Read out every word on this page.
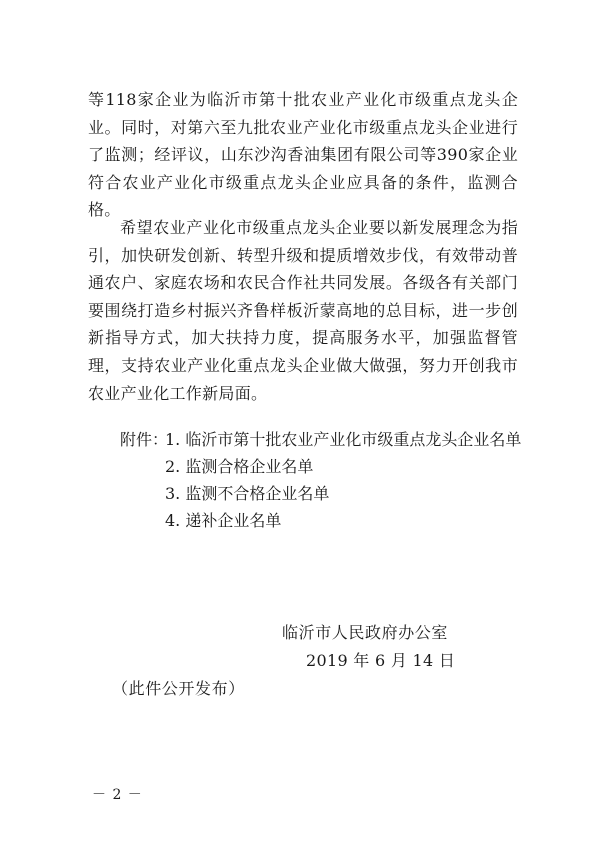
等118家企业为临沂市第十批农业产业化市级重点龙头企业。同时，对第六至九批农业产业化市级重点龙头企业进行了监测；经评议，山东沙沟香油集团有限公司等390家企业符合农业产业化市级重点龙头企业应具备的条件，监测合格。

希望农业产业化市级重点龙头企业要以新发展理念为指引，加快研发创新、转型升级和提质增效步伐，有效带动普通农户、家庭农场和农民合作社共同发展。各级各有关部门要围绕打造乡村振兴齐鲁样板沂蒙高地的总目标，进一步创新指导方式，加大扶持力度，提高服务水平，加强监督管理，支持农业产业化重点龙头企业做大做强，努力开创我市农业产业化工作新局面。

附件：
1. 临沂市第十批农业产业化市级重点龙头企业名单
2. 监测合格企业名单
3. 监测不合格企业名单
4. 递补企业名单
临沂市人民政府办公室
2019 年 6 月 14 日
（此件公开发布）
－ 2 －
